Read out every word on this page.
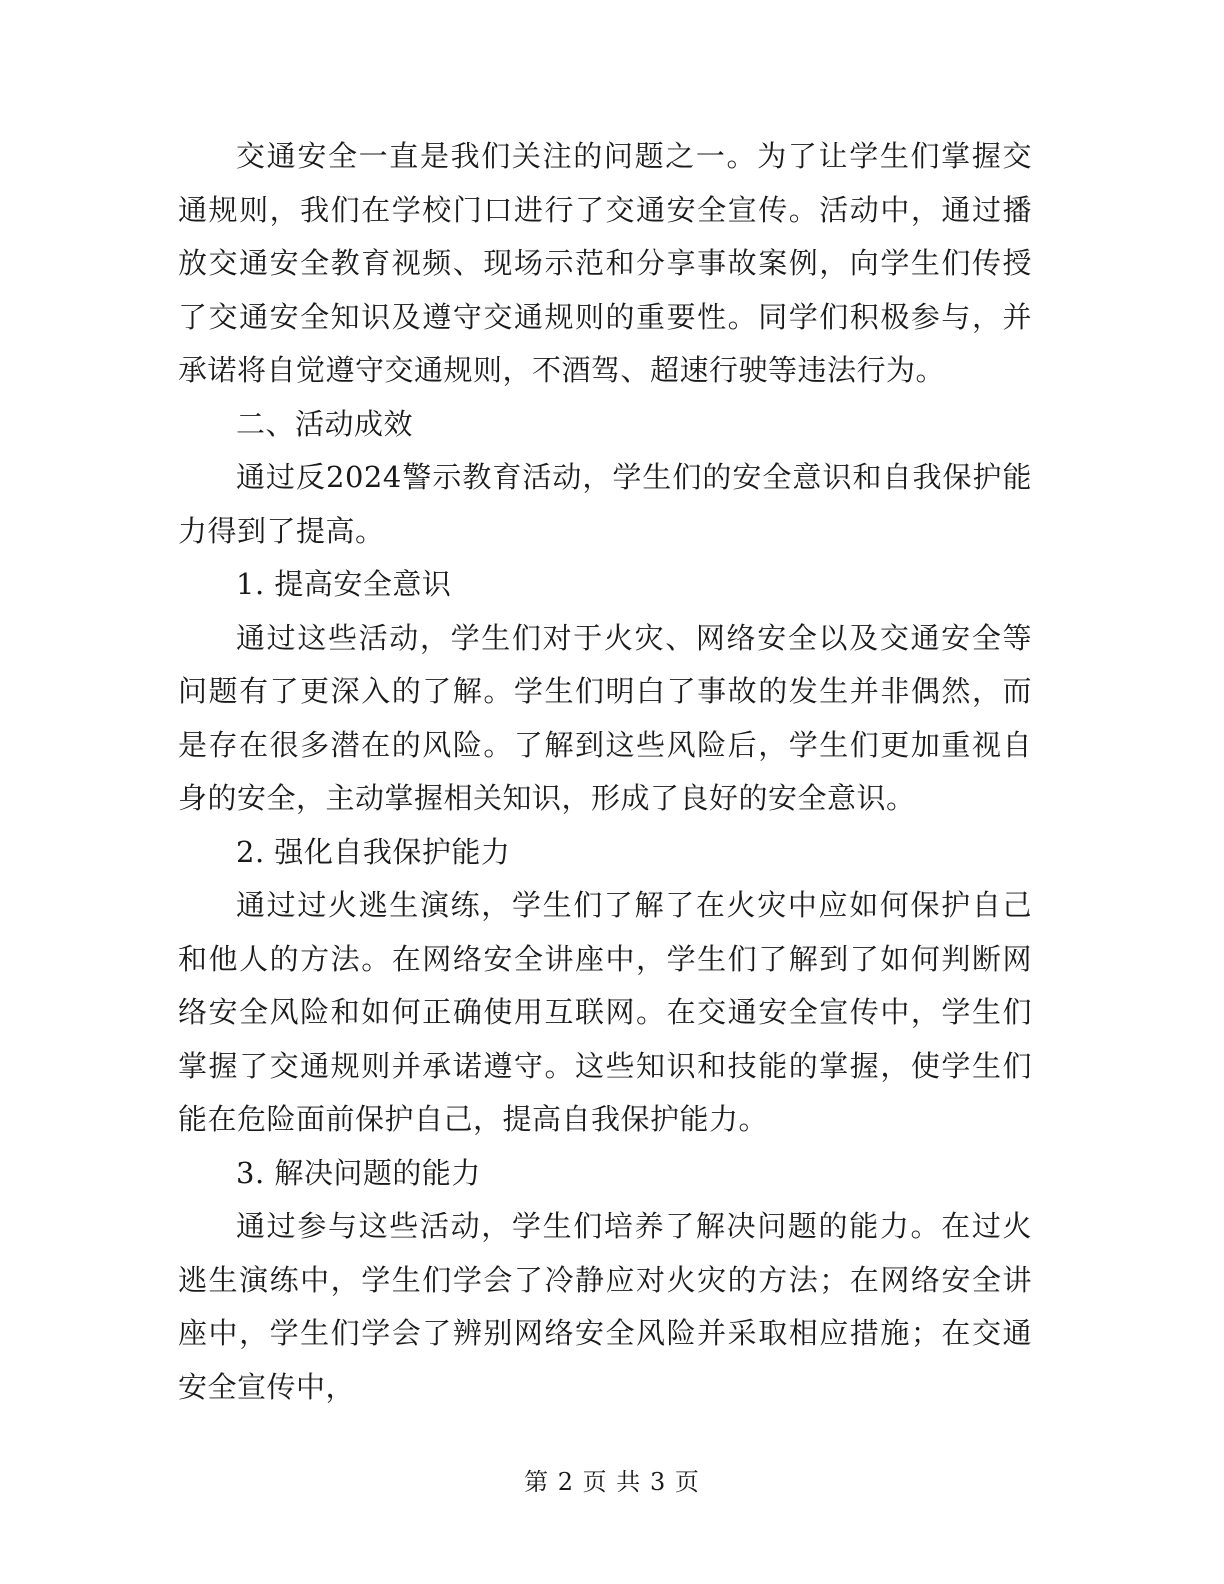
交通安全一直是我们关注的问题之一。为了让学生们掌握交通规则，我们在学校门口进行了交通安全宣传。活动中，通过播放交通安全教育视频、现场示范和分享事故案例，向学生们传授了交通安全知识及遵守交通规则的重要性。同学们积极参与，并承诺将自觉遵守交通规则，不酒驾、超速行驶等违法行为。

二、活动成效

通过反2024警示教育活动，学生们的安全意识和自我保护能力得到了提高。

1. 提高安全意识

通过这些活动，学生们对于火灾、网络安全以及交通安全等问题有了更深入的了解。学生们明白了事故的发生并非偶然，而是存在很多潜在的风险。了解到这些风险后，学生们更加重视自身的安全，主动掌握相关知识，形成了良好的安全意识。

2. 强化自我保护能力

通过过火逃生演练，学生们了解了在火灾中应如何保护自己和他人的方法。在网络安全讲座中，学生们了解到了如何判断网络安全风险和如何正确使用互联网。在交通安全宣传中，学生们掌握了交通规则并承诺遵守。这些知识和技能的掌握，使学生们能在危险面前保护自己，提高自我保护能力。

3. 解决问题的能力

通过参与这些活动，学生们培养了解决问题的能力。在过火逃生演练中，学生们学会了冷静应对火灾的方法；在网络安全讲座中，学生们学会了辨别网络安全风险并采取相应措施；在交通安全宣传中，

第 2 页 共 3 页
